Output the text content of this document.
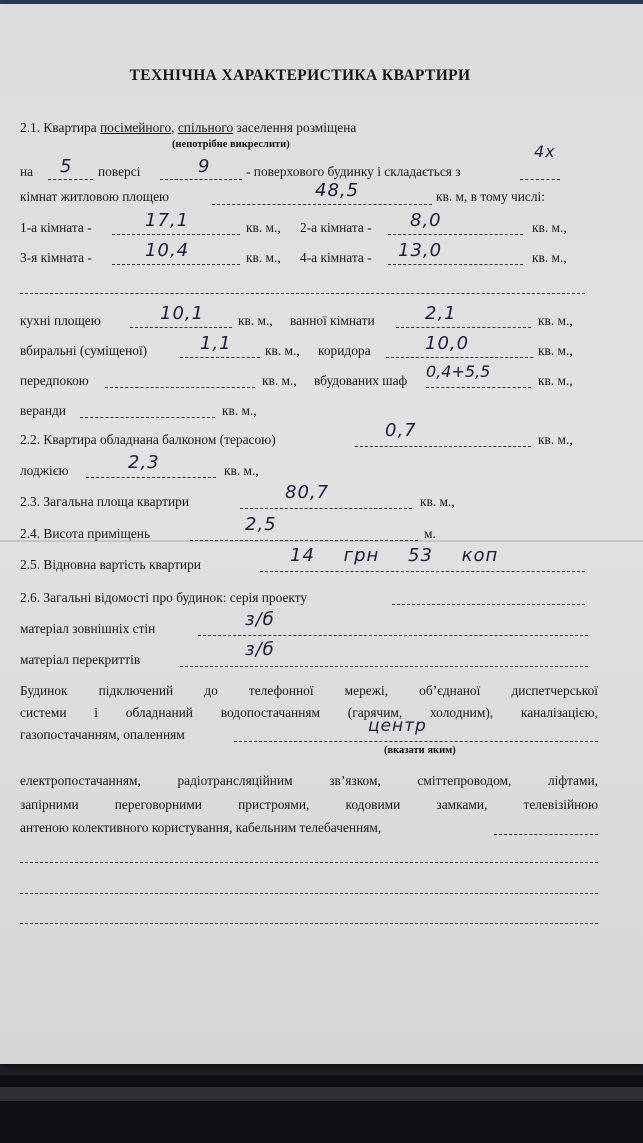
ТЕХНІЧНА ХАРАКТЕРИСТИКА КВАРТИРИ
2.1. Квартира посімейного, спільного заселення розміщена
(непотрібне викреслити)
на 5 поверсі	9	- поверхового будинку і складається з
4х
кімнат житловою площею	48,5	кв. м, в тому числі:
1-а кімната -	17,1	кв. м., 2-а кімната - 8,0	кв. м.,
3-я кімната -	10,4	кв. м., 4-а кімната - 13,0	кв. м.,
кухні площею	10,1	кв. м., ванної кімнати	2,1	кв. м.,
вбиральні (суміщеної)	1,1 кв. м., коридора	10,0	кв. м.,
передпокою	кв. м., вбудованих шаф 0,4+5,5	кв. м.,
веранди	кв. м.,
2.2. Квартира обладнана балконом (терасою)	0,7	кв. м.,
лоджією	2,3	кв. м.,
2.3. Загальна площа квартири	80,7	кв. м.,
2.4. Висота приміщень	2,5	м.
2.5. Відновна вартість квартири	14 грн 53 коп
2.6. Загальні відомості про будинок: серія проекту
матеріал зовнішніх стін	з/б
матеріал перекриттів	з/б
Будинок підключений до телефонної мережі, об’єднаної диспетчерської
системи і обладнаний водопостачанням (гарячим, холодним), каналізацією,
газопостачанням, опаленням	центр
(вказати яким)
електропостачанням, радіотрансляційним зв’язком, сміттепроводом, ліфтами,
запірними переговорними пристроями, кодовими замками, телевізійною
антеною колективного користування, кабельним телебаченням,
